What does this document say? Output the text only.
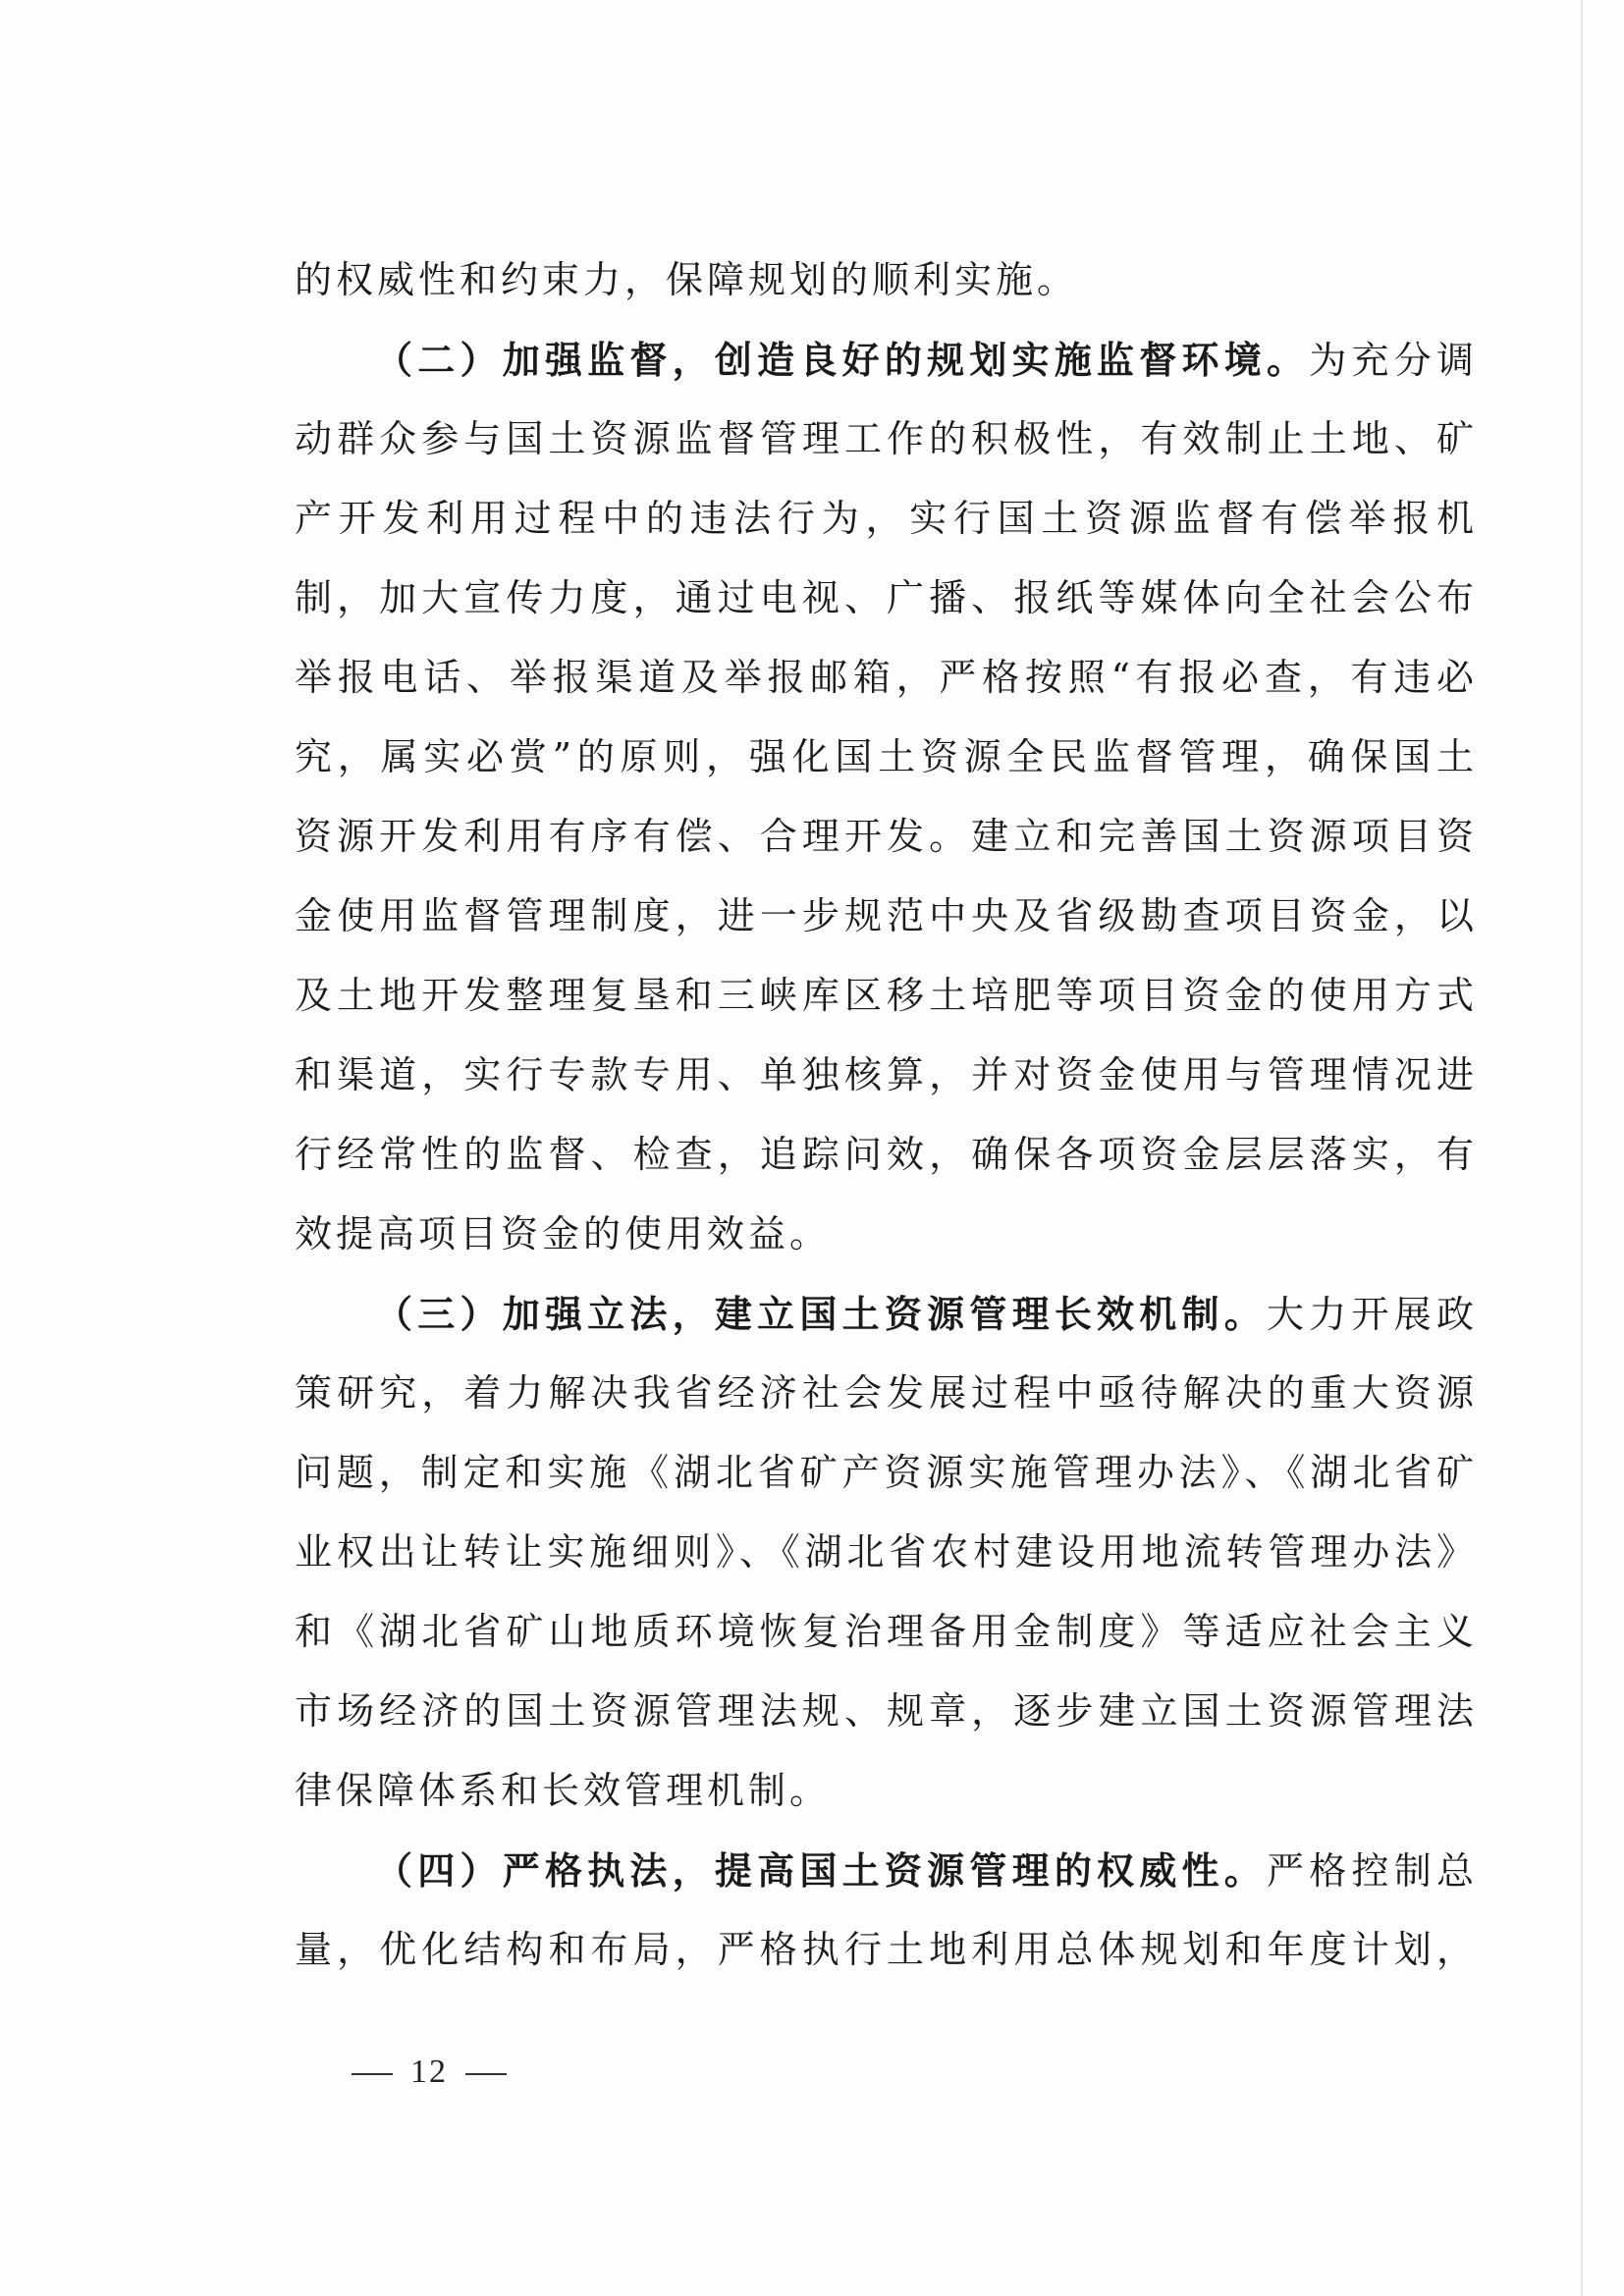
的权威性和约束力，保障规划的顺利实施。
（二）加强监督，创造良好的规划实施监督环境。为充分调
动群众参与国土资源监督管理工作的积极性，有效制止土地、矿
产开发利用过程中的违法行为，实行国土资源监督有偿举报机
制，加大宣传力度，通过电视、广播、报纸等媒体向全社会公布
举报电话、举报渠道及举报邮箱，严格按照“有报必查，有违必
究，属实必赏”的原则，强化国土资源全民监督管理，确保国土
资源开发利用有序有偿、合理开发。建立和完善国土资源项目资
金使用监督管理制度，进一步规范中央及省级勘查项目资金，以
及土地开发整理复垦和三峡库区移土培肥等项目资金的使用方式
和渠道，实行专款专用、单独核算，并对资金使用与管理情况进
行经常性的监督、检查，追踪问效，确保各项资金层层落实，有
效提高项目资金的使用效益。
（三）加强立法，建立国土资源管理长效机制。大力开展政
策研究，着力解决我省经济社会发展过程中亟待解决的重大资源
问题，制定和实施《湖北省矿产资源实施管理办法》、《湖北省矿
业权出让转让实施细则》、《湖北省农村建设用地流转管理办法》
和《湖北省矿山地质环境恢复治理备用金制度》等适应社会主义
市场经济的国土资源管理法规、规章，逐步建立国土资源管理法
律保障体系和长效管理机制。
（四）严格执法，提高国土资源管理的权威性。严格控制总
量，优化结构和布局，严格执行土地利用总体规划和年度计划，
12
